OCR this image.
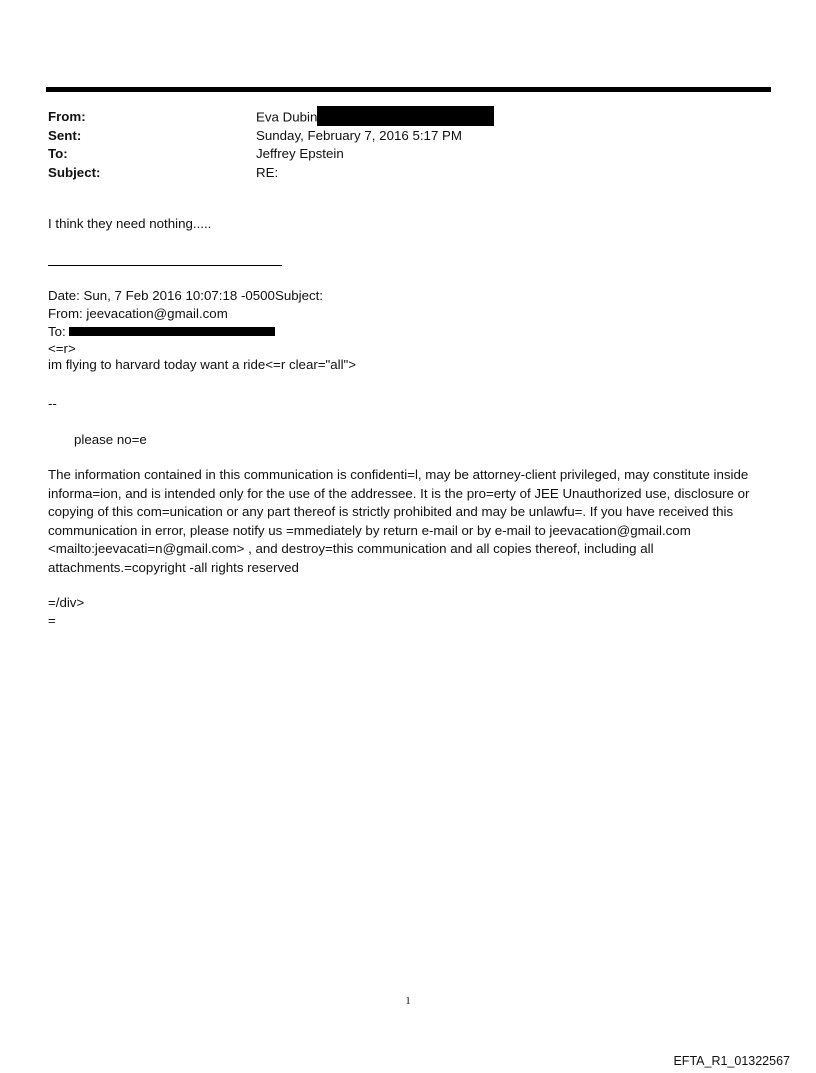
From:	Eva Dubin
Sent:	Sunday, February 7, 2016 5:17 PM
To:	Jeffrey Epstein
Subject:	RE:
I think they need nothing.....
Date: Sun, 7 Feb 2016 10:07:18 -0500Subject:
From: jeevacation@gmail.com
To:
<=r>
im flying to harvard today want a ride<=r clear="all">
--
please no=e

The information contained in this communication is confidenti=l, may be attorney-client privileged, may constitute inside informa=ion, and is intended only for the use of the addressee. It is the pro=erty of JEE Unauthorized use, disclosure or copying of this com=unication or any part thereof is strictly prohibited and may be unlawfu=. If you have received this communication in error, please notify us =mmediately by return e-mail or by e-mail to jeevacation@gmail.com <mailto:jeevacati=n@gmail.com> , and destroy=this communication and all copies thereof, including all attachments.=copyright -all rights reserved

=/div>
=
1
EFTA_R1_01322567
